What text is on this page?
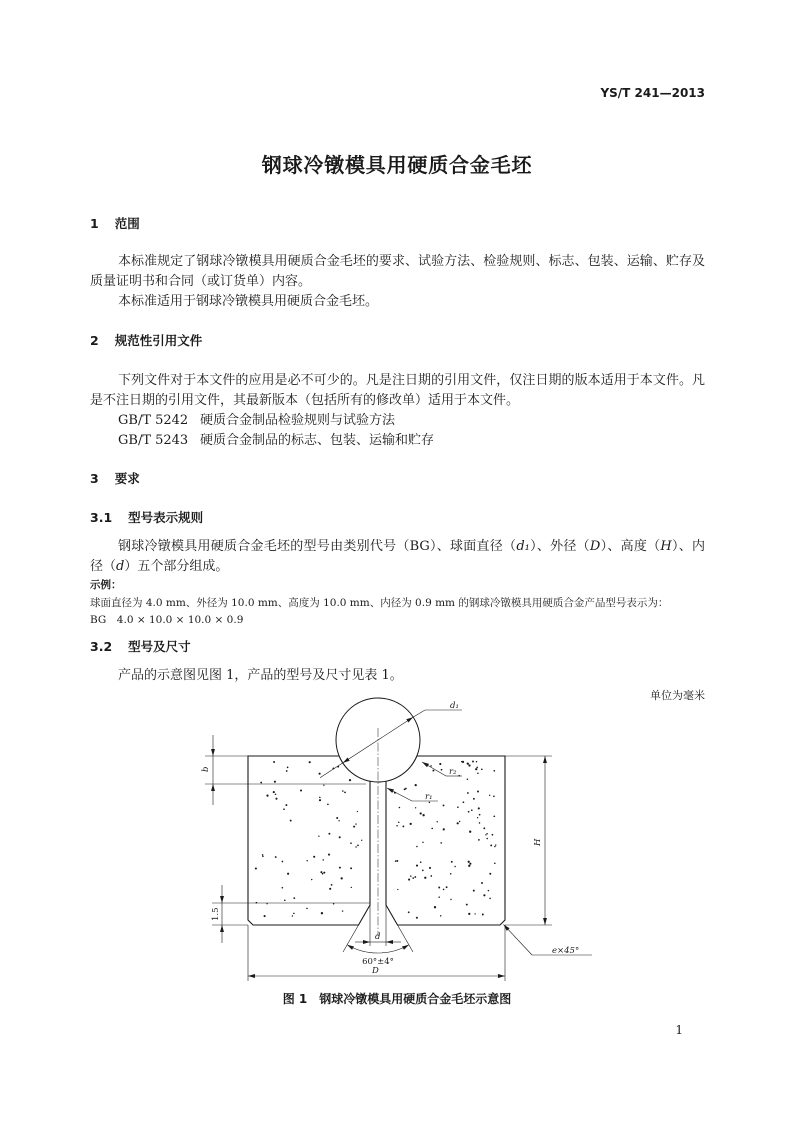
YS/T 241—2013
钢球冷镦模具用硬质合金毛坯
1 范围

本标准规定了钢球冷镦模具用硬质合金毛坯的要求、试验方法、检验规则、标志、包装、运输、贮存及质量证明书和合同（或订货单）内容。

本标准适用于钢球冷镦模具用硬质合金毛坯。

2 规范性引用文件

下列文件对于本文件的应用是必不可少的。凡是注日期的引用文件，仅注日期的版本适用于本文件。凡是不注日期的引用文件，其最新版本（包括所有的修改单）适用于本文件。

GB/T 5242 硬质合金制品检验规则与试验方法
GB/T 5243 硬质合金制品的标志、包装、运输和贮存
3 要求
3.1 型号表示规则

钢球冷镦模具用硬质合金毛坯的型号由类别代号（BG）、球面直径（d₁）、外径（D）、高度（H）、内径（d）五个部分组成。

示例：
球面直径为 4.0 mm、外径为 10.0 mm、高度为 10.0 mm、内径为 0.9 mm 的钢球冷镦模具用硬质合金产品型号表示为：
BG　4.0 × 10.0 × 10.0 × 0.9
3.2 型号及尺寸

产品的示意图见图 1，产品的型号及尺寸见表 1。

单位为毫米
d₁
r₂
r₁
b
1.5
H
d
60°±4°
D
e×45°
图 1　钢球冷镦模具用硬质合金毛坯示意图
1
